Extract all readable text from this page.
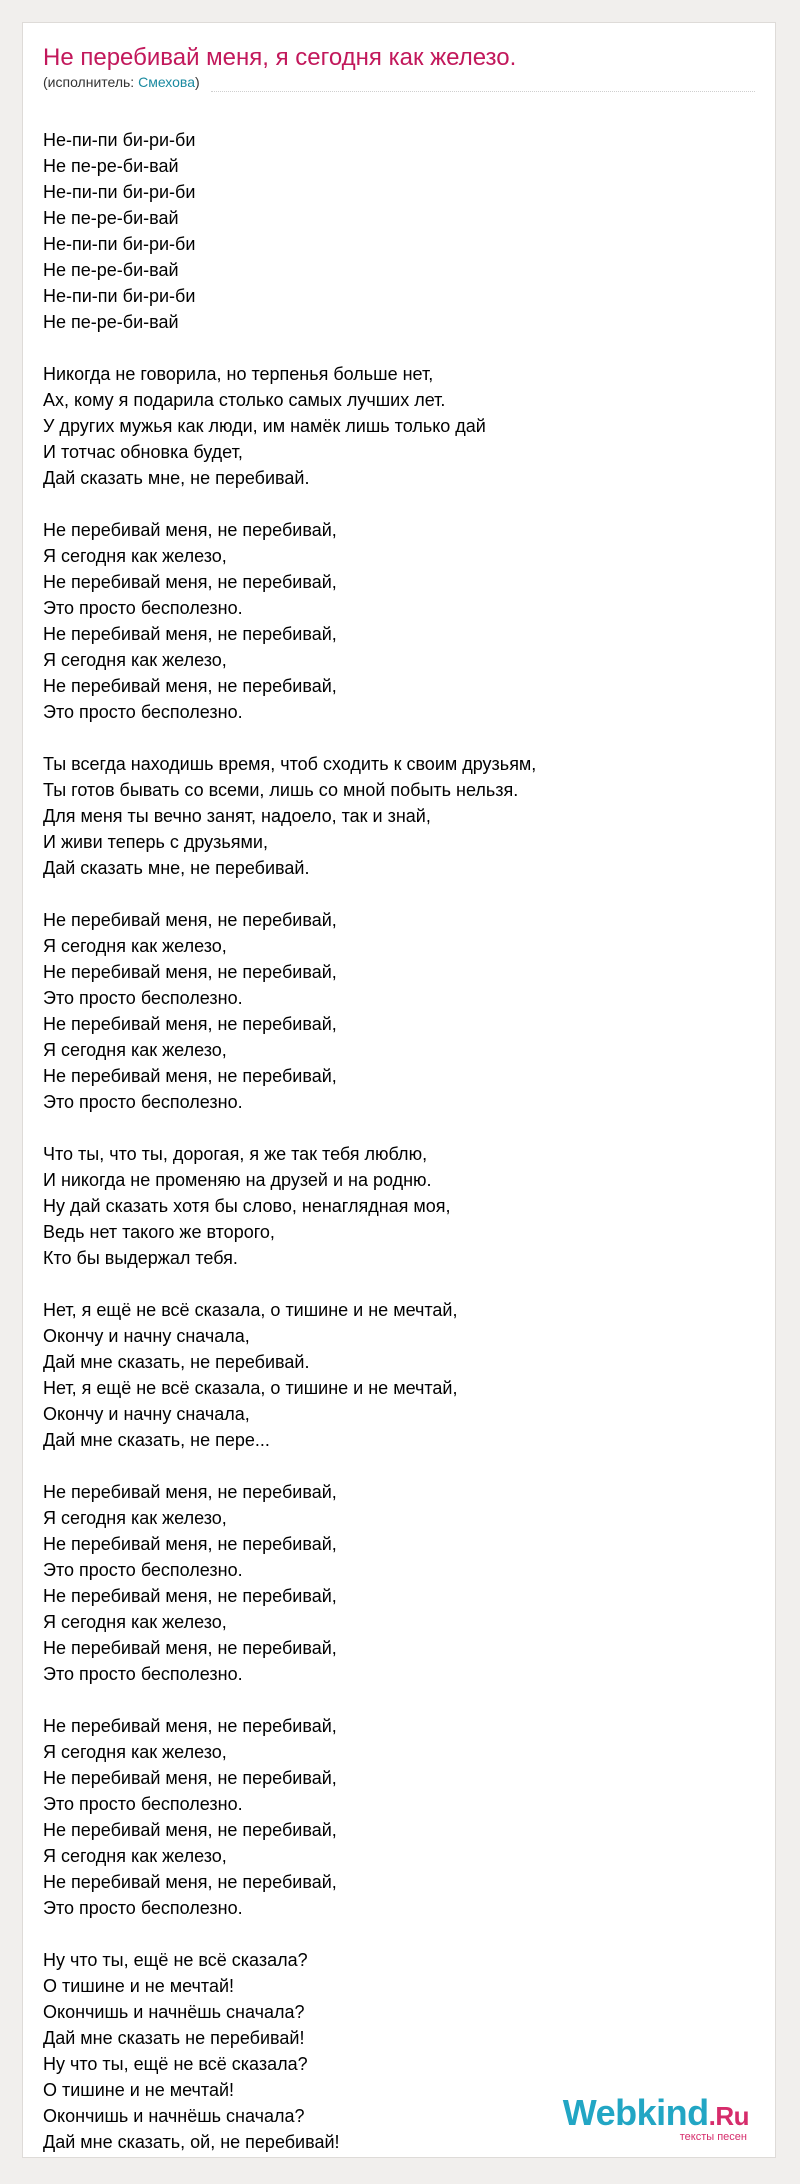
Не перебивай меня, я сегодня как железо.
(исполнитель: Смехова)
Не-пи-пи би-ри-би
Не пе-ре-би-вай
Не-пи-пи би-ри-би
Не пе-ре-би-вай
Не-пи-пи би-ри-би
Не пе-ре-би-вай
Не-пи-пи би-ри-би
Не пе-ре-би-вай
Никогда не говорила, но терпенья больше нет,
Ах, кому я подарила столько самых лучших лет.
У других мужья как люди, им намёк лишь только дай
И тотчас обновка будет,
Дай сказать мне, не перебивай.
Не перебивай меня, не перебивай,
Я сегодня как железо,
Не перебивай меня, не перебивай,
Это просто бесполезно.
Не перебивай меня, не перебивай,
Я сегодня как железо,
Не перебивай меня, не перебивай,
Это просто бесполезно.
Ты всегда находишь время, чтоб сходить к своим друзьям,
Ты готов бывать со всеми, лишь со мной побыть нельзя.
Для меня ты вечно занят, надоело, так и знай,
И живи теперь с друзьями,
Дай сказать мне, не перебивай.
Не перебивай меня, не перебивай,
Я сегодня как железо,
Не перебивай меня, не перебивай,
Это просто бесполезно.
Не перебивай меня, не перебивай,
Я сегодня как железо,
Не перебивай меня, не перебивай,
Это просто бесполезно.
Что ты, что ты, дорогая, я же так тебя люблю,
И никогда не променяю на друзей и на родню.
Ну дай сказать хотя бы слово, ненаглядная моя,
Ведь нет такого же второго,
Кто бы выдержал тебя.
Нет, я ещё не всё сказала, о тишине и не мечтай,
Окончу и начну сначала,
Дай мне сказать, не перебивай.
Нет, я ещё не всё сказала, о тишине и не мечтай,
Окончу и начну сначала,
Дай мне сказать, не пере...
Не перебивай меня, не перебивай,
Я сегодня как железо,
Не перебивай меня, не перебивай,
Это просто бесполезно.
Не перебивай меня, не перебивай,
Я сегодня как железо,
Не перебивай меня, не перебивай,
Это просто бесполезно.
Не перебивай меня, не перебивай,
Я сегодня как железо,
Не перебивай меня, не перебивай,
Это просто бесполезно.
Не перебивай меня, не перебивай,
Я сегодня как железо,
Не перебивай меня, не перебивай,
Это просто бесполезно.
Ну что ты, ещё не всё сказала?
О тишине и не мечтай!
Окончишь и начнёшь сначала?
Дай мне сказать не перебивай!
Ну что ты, ещё не всё сказала?
О тишине и не мечтай!
Окончишь и начнёшь сначала?
Дай мне сказать, ой, не перебивай!
Webkind.Ru
тексты песен
